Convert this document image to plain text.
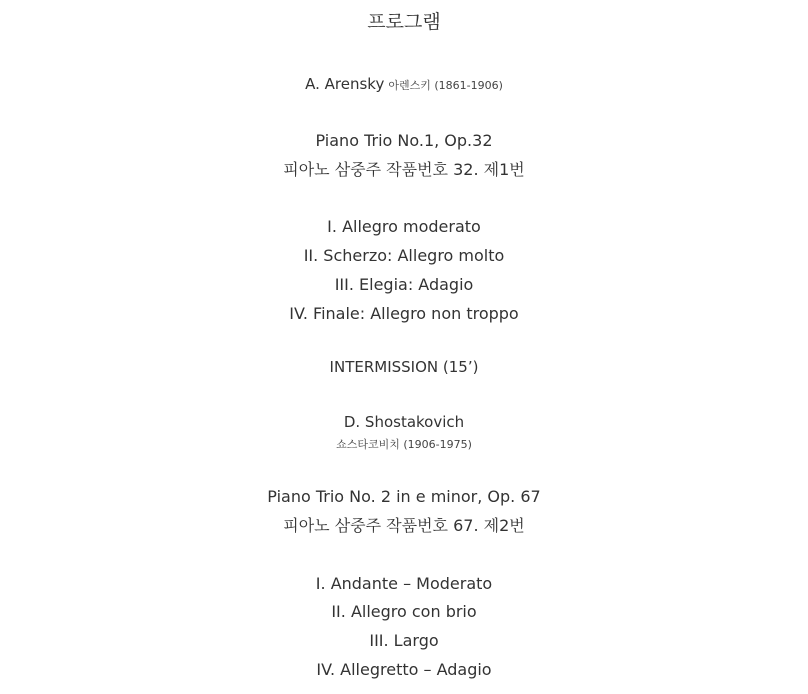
프로그램
A. Arensky 아렌스키 (1861-1906)
Piano Trio No.1, Op.32
피아노 삼중주 작품번호 32. 제1번
I. Allegro moderato
II. Scherzo: Allegro molto
III. Elegia: Adagio
IV. Finale: Allegro non troppo
INTERMISSION (15’)
D. Shostakovich
쇼스타코비치 (1906-1975)
Piano Trio No. 2 in e minor, Op. 67
피아노 삼중주 작품번호 67. 제2번
I. Andante – Moderato
II. Allegro con brio
III. Largo
IV. Allegretto – Adagio
